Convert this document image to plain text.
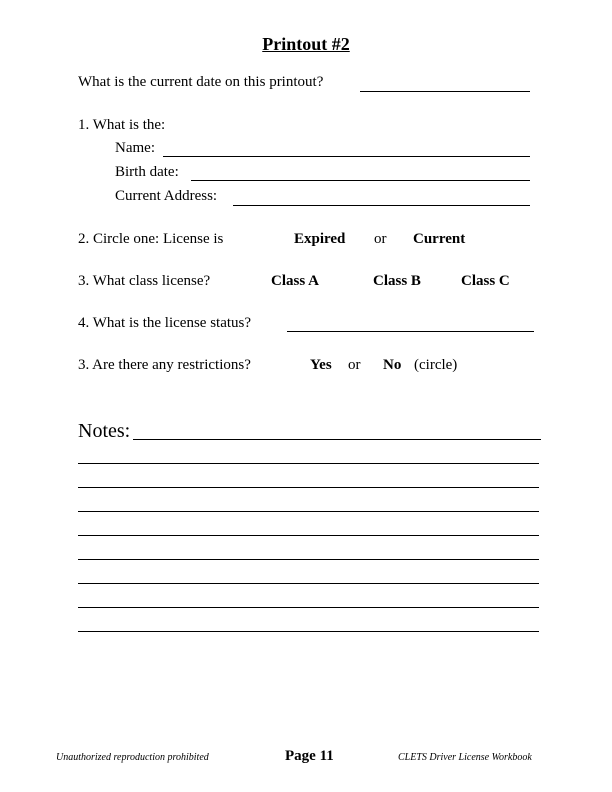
Printout #2
What is the current date on this printout?
1. What is the:
Name:
Birth date:
Current Address:
2. Circle one: License is	Expired or Current
3. What class license?	Class A	Class B	Class C
4. What is the license status?
3. Are there any restrictions?	Yes or No (circle)
Notes:
Unauthorized reproduction prohibited	Page 11	CLETS Driver License Workbook
